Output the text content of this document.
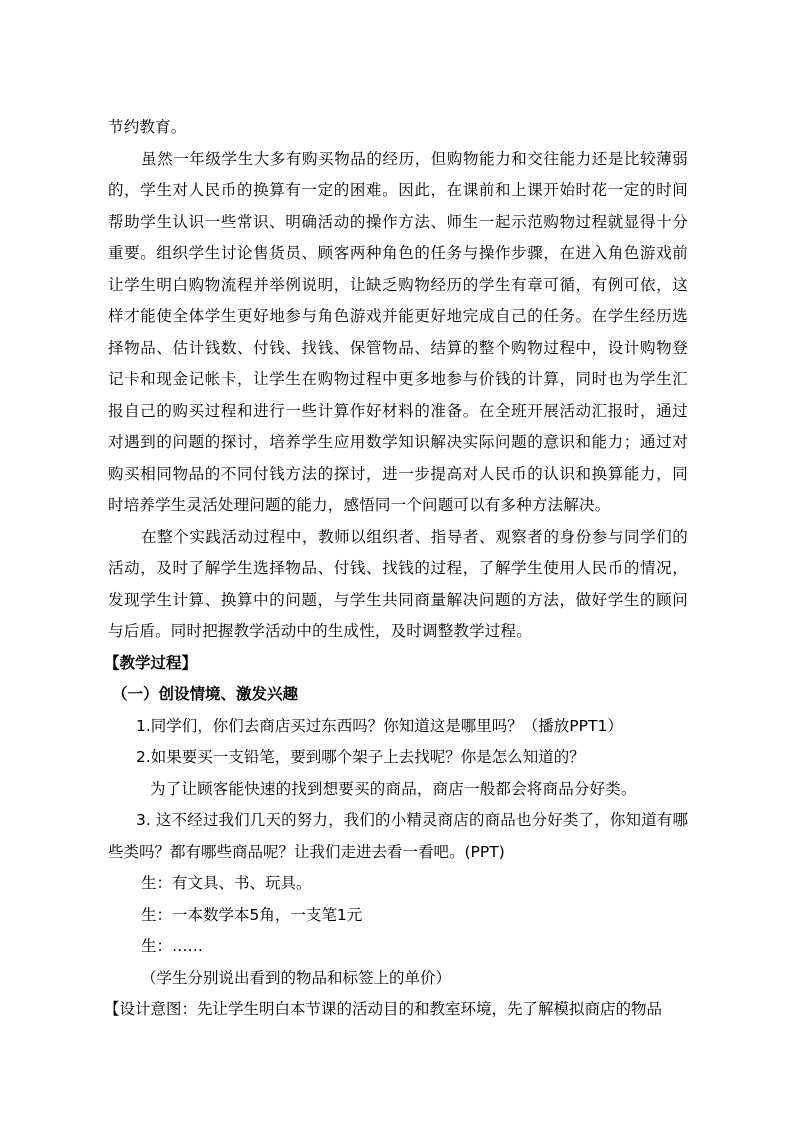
节约教育。

虽然一年级学生大多有购买物品的经历，但购物能力和交往能力还是比较薄弱的，学生对人民币的换算有一定的困难。因此，在课前和上课开始时花一定的时间帮助学生认识一些常识、明确活动的操作方法、师生一起示范购物过程就显得十分重要。组织学生讨论售货员、顾客两种角色的任务与操作步骤，在进入角色游戏前让学生明白购物流程并举例说明，让缺乏购物经历的学生有章可循，有例可依，这样才能使全体学生更好地参与角色游戏并能更好地完成自己的任务。在学生经历选择物品、估计钱数、付钱、找钱、保管物品、结算的整个购物过程中，设计购物登记卡和现金记帐卡，让学生在购物过程中更多地参与价钱的计算，同时也为学生汇报自己的购买过程和进行一些计算作好材料的准备。在全班开展活动汇报时，通过对遇到的问题的探讨，培养学生应用数学知识解决实际问题的意识和能力；通过对购买相同物品的不同付钱方法的探讨，进一步提高对人民币的认识和换算能力，同时培养学生灵活处理问题的能力，感悟同一个问题可以有多种方法解决。

在整个实践活动过程中，教师以组织者、指导者、观察者的身份参与同学们的活动，及时了解学生选择物品、付钱、找钱的过程，了解学生使用人民币的情况，发现学生计算、换算中的问题，与学生共同商量解决问题的方法，做好学生的顾问与后盾。同时把握教学活动中的生成性，及时调整教学过程。

【教学过程】

（一）创设情境、激发兴趣

1.同学们，你们去商店买过东西吗？你知道这是哪里吗？（播放PPT1）

2.如果要买一支铅笔，要到哪个架子上去找呢？你是怎么知道的？

为了让顾客能快速的找到想要买的商品，商店一般都会将商品分好类。

3. 这不经过我们几天的努力，我们的小精灵商店的商品也分好类了，你知道有哪些类吗？都有哪些商品呢？让我们走进去看一看吧。(PPT)

生：有文具、书、玩具。

生：一本数学本5角，一支笔1元

生：……

（学生分别说出看到的物品和标签上的单价）

【设计意图：先让学生明白本节课的活动目的和教室环境，先了解模拟商店的物品
